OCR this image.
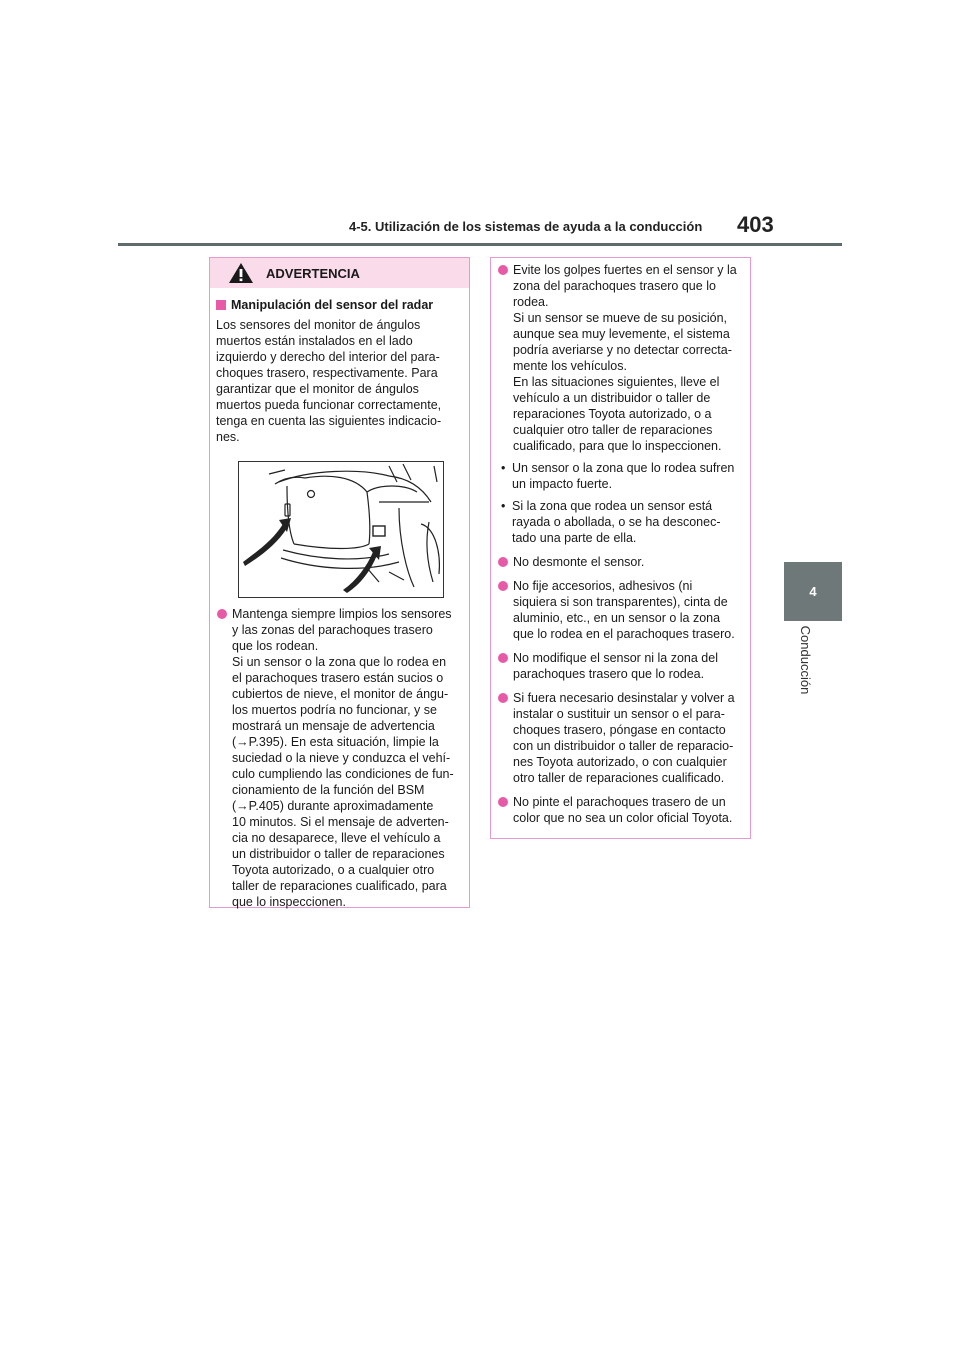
4-5. Utilización de los sistemas de ayuda a la conducción 403
4
Conducción
ADVERTENCIA
Manipulación del sensor del radar
Los sensores del monitor de ángulos
muertos están instalados en el lado
izquierdo y derecho del interior del para-
choques trasero, respectivamente. Para
garantizar que el monitor de ángulos
muertos pueda funcionar correctamente,
tenga en cuenta las siguientes indicacio-
nes.
Mantenga siempre limpios los sensores
y las zonas del parachoques trasero
que los rodean.
Si un sensor o la zona que lo rodea en
el parachoques trasero están sucios o
cubiertos de nieve, el monitor de ángu-
los muertos podría no funcionar, y se
mostrará un mensaje de advertencia
(→P.395). En esta situación, limpie la
suciedad o la nieve y conduzca el vehí-
culo cumpliendo las condiciones de fun-
cionamiento de la función del BSM
(→P.405) durante aproximadamente
10 minutos. Si el mensaje de adverten-
cia no desaparece, lleve el vehículo a
un distribuidor o taller de reparaciones
Toyota autorizado, o a cualquier otro
taller de reparaciones cualificado, para
que lo inspeccionen.
Evite los golpes fuertes en el sensor y la
zona del parachoques trasero que lo
rodea.
Si un sensor se mueve de su posición,
aunque sea muy levemente, el sistema
podría averiarse y no detectar correcta-
mente los vehículos.
En las situaciones siguientes, lleve el
vehículo a un distribuidor o taller de
reparaciones Toyota autorizado, o a
cualquier otro taller de reparaciones
cualificado, para que lo inspeccionen.
• Un sensor o la zona que lo rodea sufren
un impacto fuerte.
• Si la zona que rodea un sensor está
rayada o abollada, o se ha desconec-
tado una parte de ella.
No desmonte el sensor.
No fije accesorios, adhesivos (ni
siquiera si son transparentes), cinta de
aluminio, etc., en un sensor o la zona
que lo rodea en el parachoques trasero.
No modifique el sensor ni la zona del
parachoques trasero que lo rodea.
Si fuera necesario desinstalar y volver a
instalar o sustituir un sensor o el para-
choques trasero, póngase en contacto
con un distribuidor o taller de reparacio-
nes Toyota autorizado, o con cualquier
otro taller de reparaciones cualificado.
No pinte el parachoques trasero de un
color que no sea un color oficial Toyota.
